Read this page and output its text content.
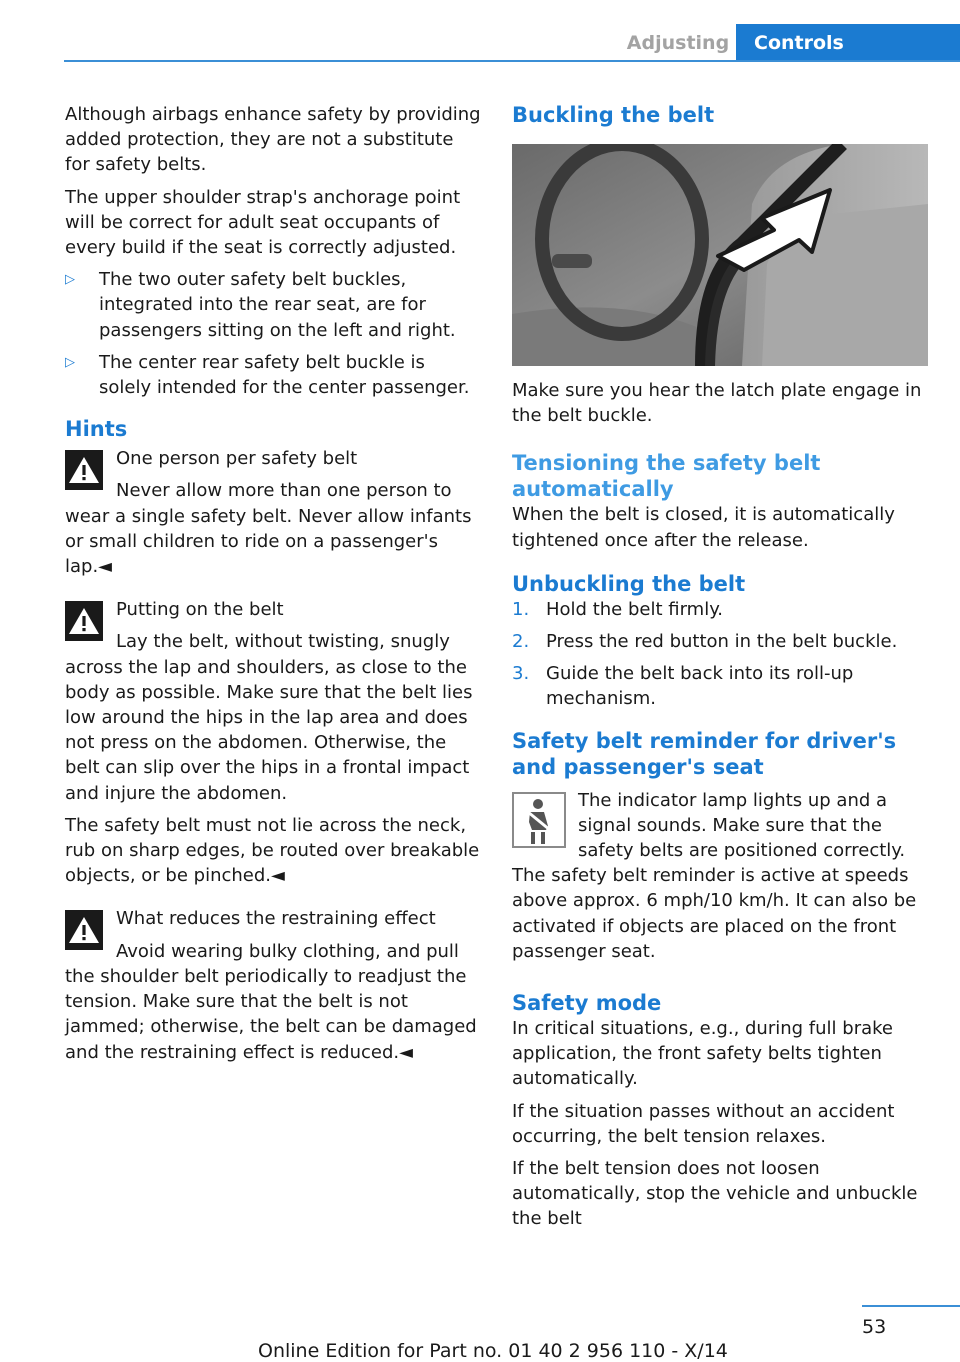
Adjusting	Controls

Although airbags enhance safety by providing added protection, they are not a substitute for safety belts.

The upper shoulder strap's anchorage point will be correct for adult seat occupants of every build if the seat is correctly adjusted.

▷	The two outer safety belt buckles, integrated into the rear seat, are for passengers sitting on the left and right.
▷	The center rear safety belt buckle is solely intended for the center passenger.
Hints
One person per safety belt

Never allow more than one person to wear a single safety belt. Never allow infants or small children to ride on a passenger's lap.◄

Putting on the belt

Lay the belt, without twisting, snugly across the lap and shoulders, as close to the body as possible. Make sure that the belt lies low around the hips in the lap area and does not press on the abdomen. Otherwise, the belt can slip over the hips in a frontal impact and injure the abdomen.

The safety belt must not lie across the neck, rub on sharp edges, be routed over breakable objects, or be pinched.◄

What reduces the restraining effect

Avoid wearing bulky clothing, and pull the shoulder belt periodically to readjust the tension. Make sure that the belt is not jammed; otherwise, the belt can be damaged and the restraining effect is reduced.◄

Buckling the belt

Make sure you hear the latch plate engage in the belt buckle.

Tensioning the safety belt automatically

When the belt is closed, it is automatically tightened once after the release.

Unbuckling the belt
1. Hold the belt firmly.
2. Press the red button in the belt buckle.
3. Guide the belt back into its roll-up mechanism.
Safety belt reminder for driver's and passenger's seat

The indicator lamp lights up and a signal sounds. Make sure that the safety belts are positioned correctly. The safety belt reminder is active at speeds above approx. 6 mph/10 km/h. It can also be activated if objects are placed on the front passenger seat.

Safety mode

In critical situations, e.g., during full brake application, the front safety belts tighten automatically.

If the situation passes without an accident occurring, the belt tension relaxes.

If the belt tension does not loosen automatically, stop the vehicle and unbuckle the belt

53
Online Edition for Part no. 01 40 2 956 110 - X/14
